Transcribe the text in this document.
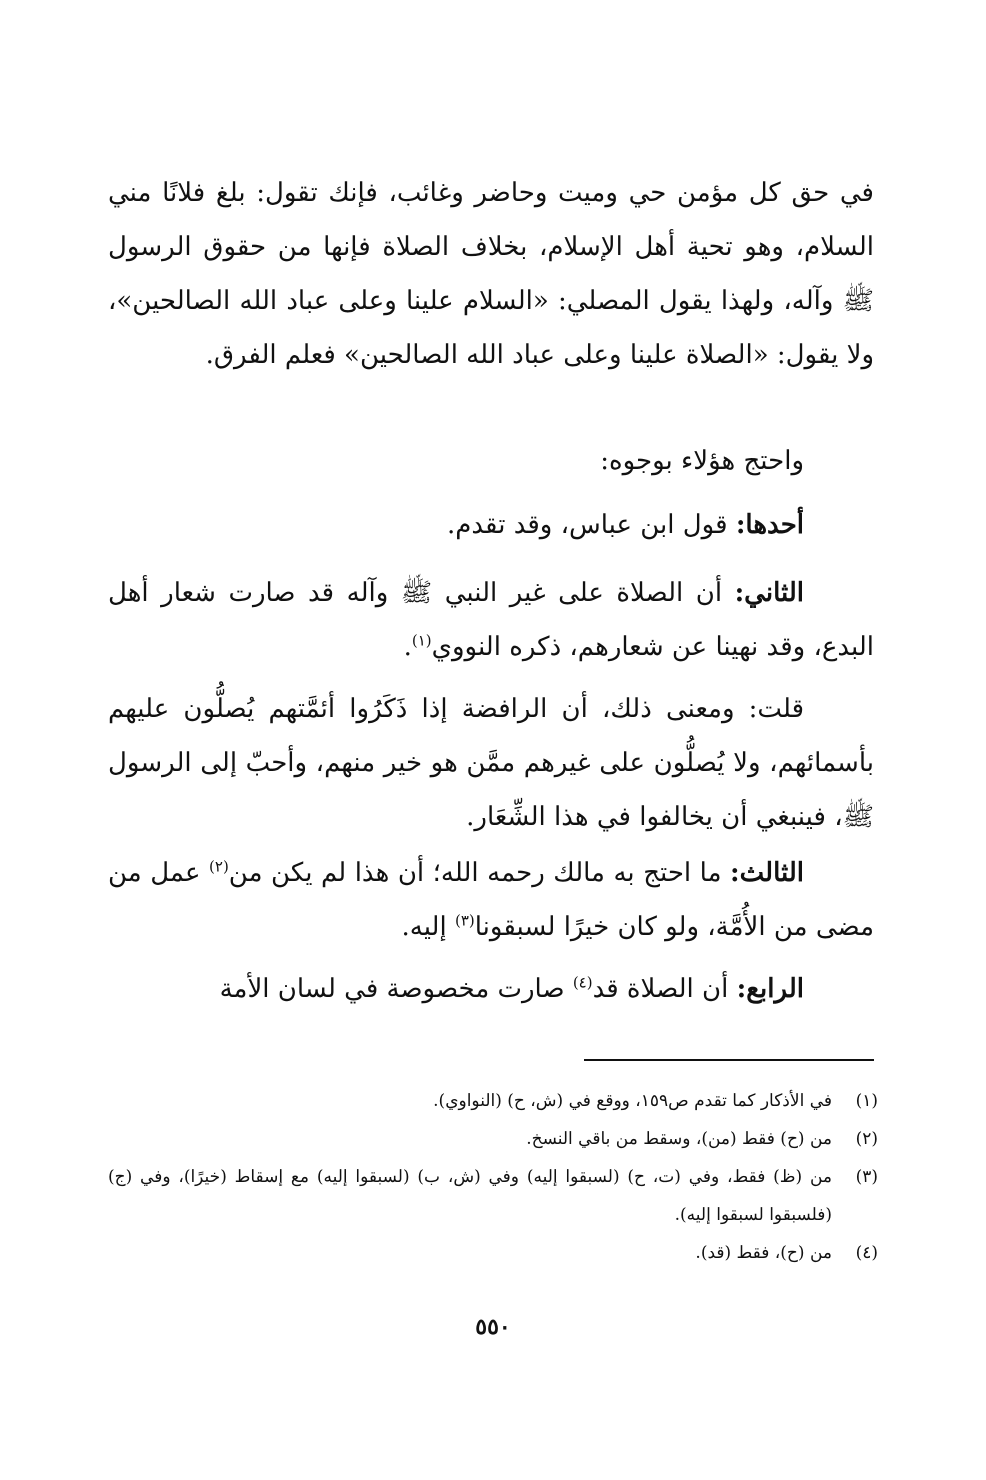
في حق كل مؤمن حي وميت وحاضر وغائب، فإنك تقول: بلغ فلانًا مني السلام، وهو تحية أهل الإسلام، بخلاف الصلاة فإنها من حقوق الرسول ﷺ وآله، ولهذا يقول المصلي: «السلام علينا وعلى عباد الله الصالحين»، ولا يقول: «الصلاة علينا وعلى عباد الله الصالحين» فعلم الفرق.

واحتج هؤلاء بوجوه:

أحدها: قول ابن عباس، وقد تقدم.

الثاني: أن الصلاة على غير النبي ﷺ وآله قد صارت شعار أهل البدع، وقد نهينا عن شعارهم، ذكره النووي$^{(١)}$.

قلت: ومعنى ذلك، أن الرافضة إذا ذَكَرُوا أئمَّتهم يُصلُّون عليهم بأسمائهم، ولا يُصلُّون على غيرهم ممَّن هو خير منهم، وأحبّ إلى الرسول ﷺ، فينبغي أن يخالفوا في هذا الشِّعَار.

الثالث: ما احتج به مالك رحمه الله؛ أن هذا لم يكن من$^{(٢)}$ عمل من مضى من الأُمَّة، ولو كان خيرًا لسبقونا$^{(٣)}$ إليه.

الرابع: أن الصلاة قد$^{(٤)}$ صارت مخصوصة في لسان الأمة

(١)
في الأذكار كما تقدم ص١٥٩، ووقع في (ش، ح) (النواوي).
(٢)
من (ح) فقط (من)، وسقط من باقي النسخ.
(٣)
من (ظ) فقط، وفي (ت، ح) (لسبقوا إليه) وفي (ش، ب) (لسبقوا إليه) مع إسقاط (خيرًا)، وفي (ج) (فلسبقوا لسبقوا إليه).
(٤)
من (ح)، فقط (قد).
٥٥٠
